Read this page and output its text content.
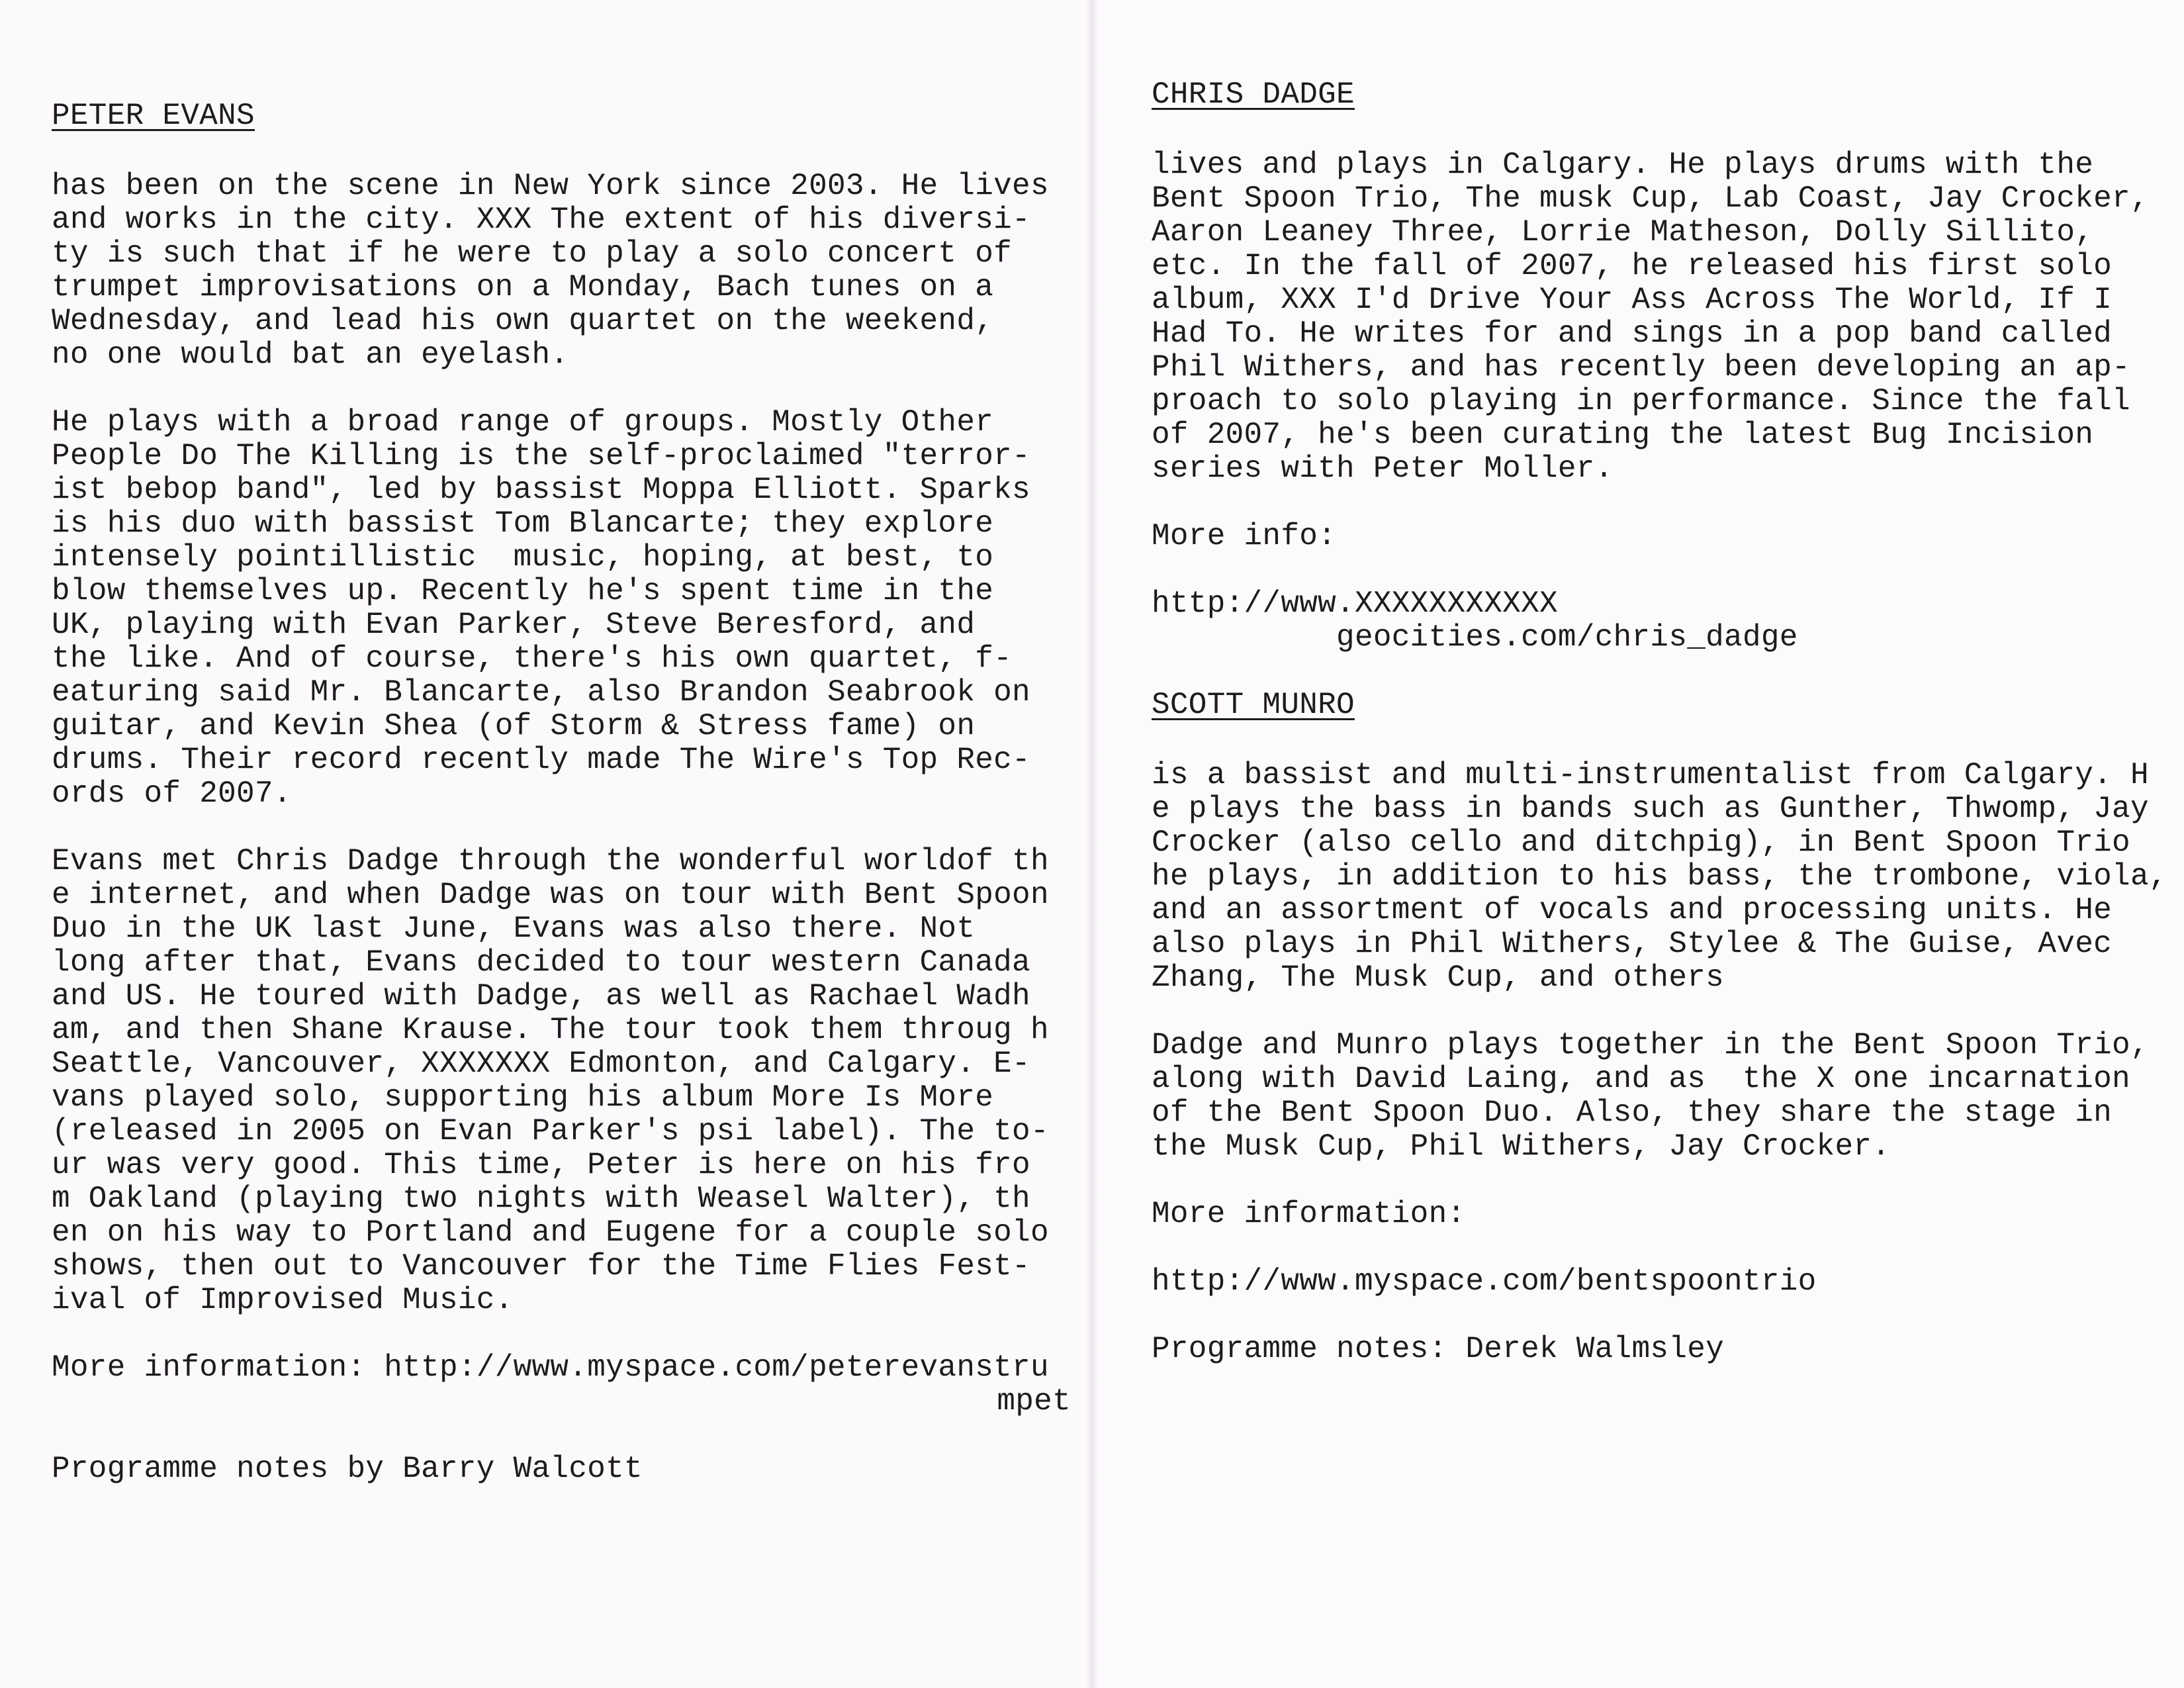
PETER EVANS

has been on the scene in New York since 2003. He lives
and works in the city. XXX The extent of his diversi-
ty is such that if he were to play a solo concert of
trumpet improvisations on a Monday, Bach tunes on a
Wednesday, and lead his own quartet on the weekend,
no one would bat an eyelash.

He plays with a broad range of groups. Mostly Other
People Do The Killing is the self-proclaimed "terror-
ist bebop band", led by bassist Moppa Elliott. Sparks
is his duo with bassist Tom Blancarte; they explore
intensely pointillistic  music, hoping, at best, to
blow themselves up. Recently he's spent time in the
UK, playing with Evan Parker, Steve Beresford, and
the like. And of course, there's his own quartet, f-
eaturing said Mr. Blancarte, also Brandon Seabrook on
guitar, and Kevin Shea (of Storm & Stress fame) on
drums. Their record recently made The Wire's Top Rec-
ords of 2007.

Evans met Chris Dadge through the wonderful worldof th
e internet, and when Dadge was on tour with Bent Spoon
Duo in the UK last June, Evans was also there. Not
long after that, Evans decided to tour western Canada
and US. He toured with Dadge, as well as Rachael Wadh
am, and then Shane Krause. The tour took them throug h
Seattle, Vancouver, XXXXXXX Edmonton, and Calgary. E-
vans played solo, supporting his album More Is More
(released in 2005 on Evan Parker's psi label). The to-
ur was very good. This time, Peter is here on his fro
m Oakland (playing two nights with Weasel Walter), th
en on his way to Portland and Eugene for a couple solo
shows, then out to Vancouver for the Time Flies Fest-
ival of Improvised Music.

More information: http://www.myspace.com/peterevanstru

mpet

Programme notes by Barry Walcott

CHRIS DADGE

lives and plays in Calgary. He plays drums with the
Bent Spoon Trio, The musk Cup, Lab Coast, Jay Crocker,
Aaron Leaney Three, Lorrie Matheson, Dolly Sillito,
etc. In the fall of 2007, he released his first solo
album, XXX I'd Drive Your Ass Across The World, If I
Had To. He writes for and sings in a pop band called
Phil Withers, and has recently been developing an ap-
proach to solo playing in performance. Since the fall
of 2007, he's been curating the latest Bug Incision
series with Peter Moller.

More info:

http://www.XXXXXXXXXXX

geocities.com/chris_dadge

SCOTT MUNRO

is a bassist and multi-instrumentalist from Calgary. H
e plays the bass in bands such as Gunther, Thwomp, Jay
Crocker (also cello and ditchpig), in Bent Spoon Trio
he plays, in addition to his bass, the trombone, viola,
and an assortment of vocals and processing units. He
also plays in Phil Withers, Stylee & The Guise, Avec
Zhang, The Musk Cup, and others

Dadge and Munro plays together in the Bent Spoon Trio,
along with David Laing, and as  the X one incarnation
of the Bent Spoon Duo. Also, they share the stage in
the Musk Cup, Phil Withers, Jay Crocker.

More information:

http://www.myspace.com/bentspoontrio

Programme notes: Derek Walmsley
